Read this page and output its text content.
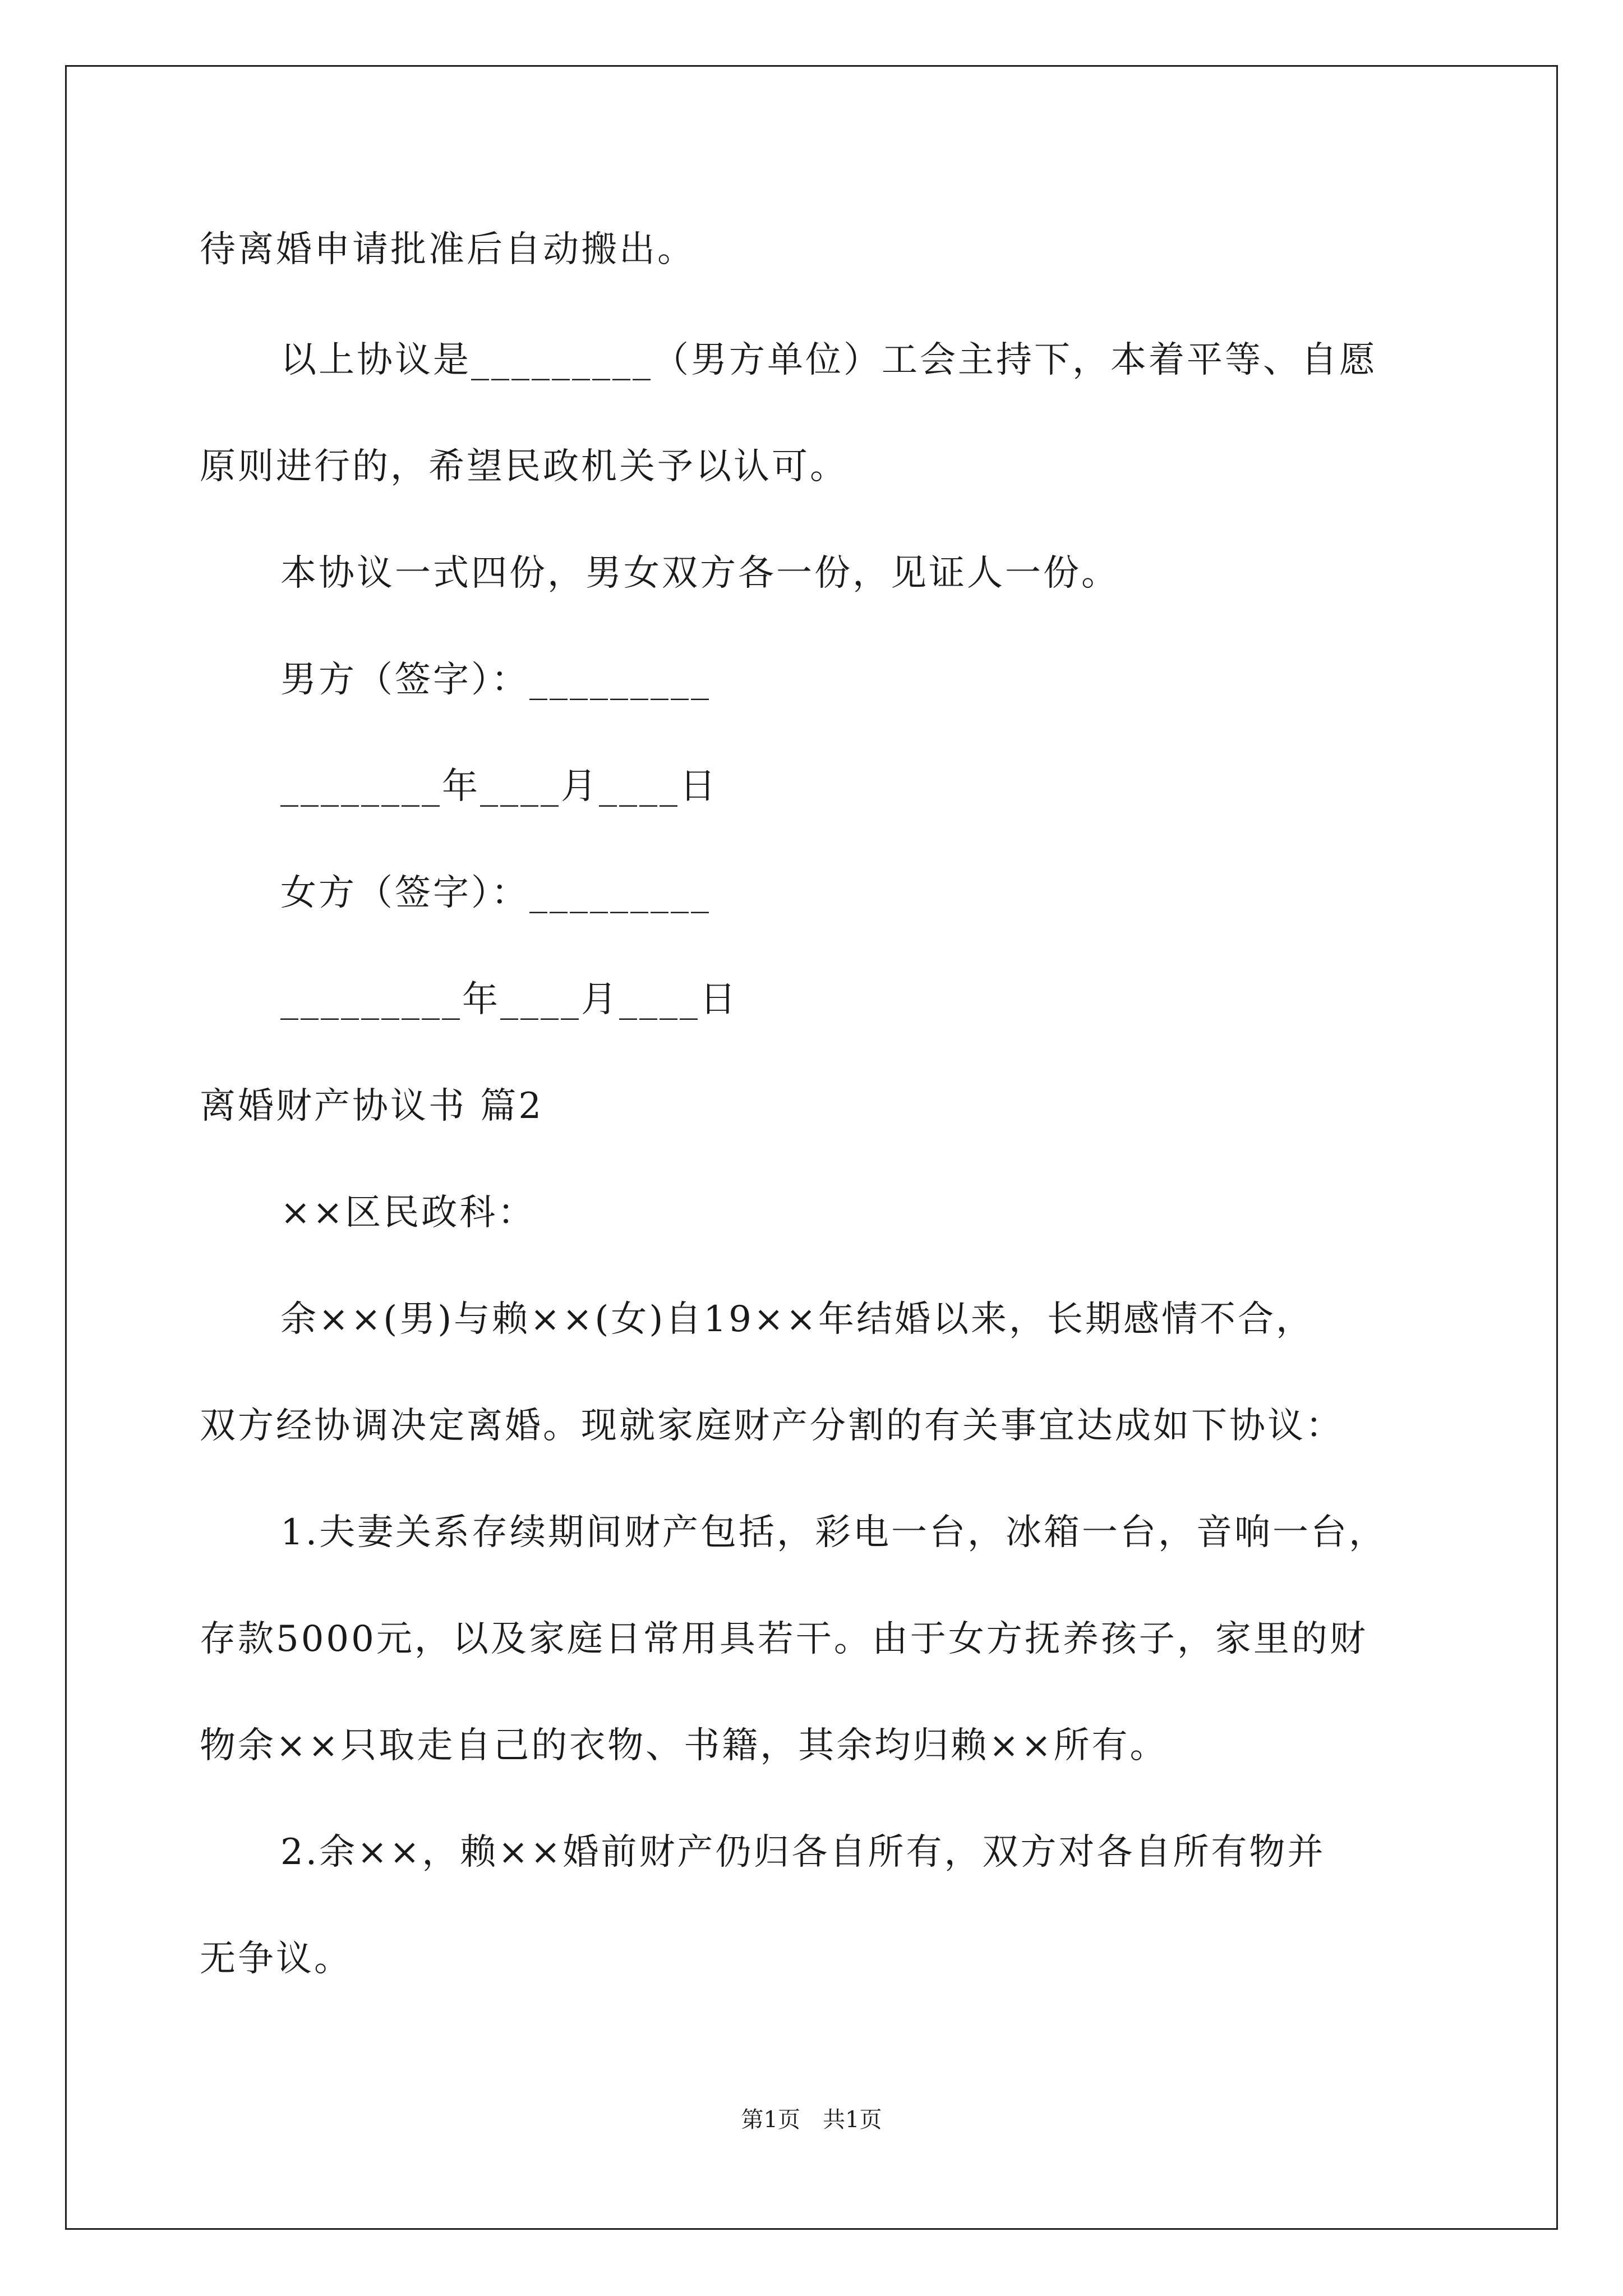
待离婚申请批准后自动搬出。
以上协议是_________（男方单位）工会主持下，本着平等、自愿
原则进行的，希望民政机关予以认可。
本协议一式四份，男女双方各一份，见证人一份。
男方（签字）：_________
________年____月____日
女方（签字）：_________
_________年____月____日
离婚财产协议书 篇2
××区民政科：
余××(男)与赖××(女)自19××年结婚以来，长期感情不合，
双方经协调决定离婚。现就家庭财产分割的有关事宜达成如下协议：
1.夫妻关系存续期间财产包括，彩电一台，冰箱一台，音响一台，
存款5000元，以及家庭日常用具若干。由于女方抚养孩子，家里的财
物余××只取走自己的衣物、书籍，其余均归赖××所有。
2.余××，赖××婚前财产仍归各自所有，双方对各自所有物并
无争议。
第1页　共1页
